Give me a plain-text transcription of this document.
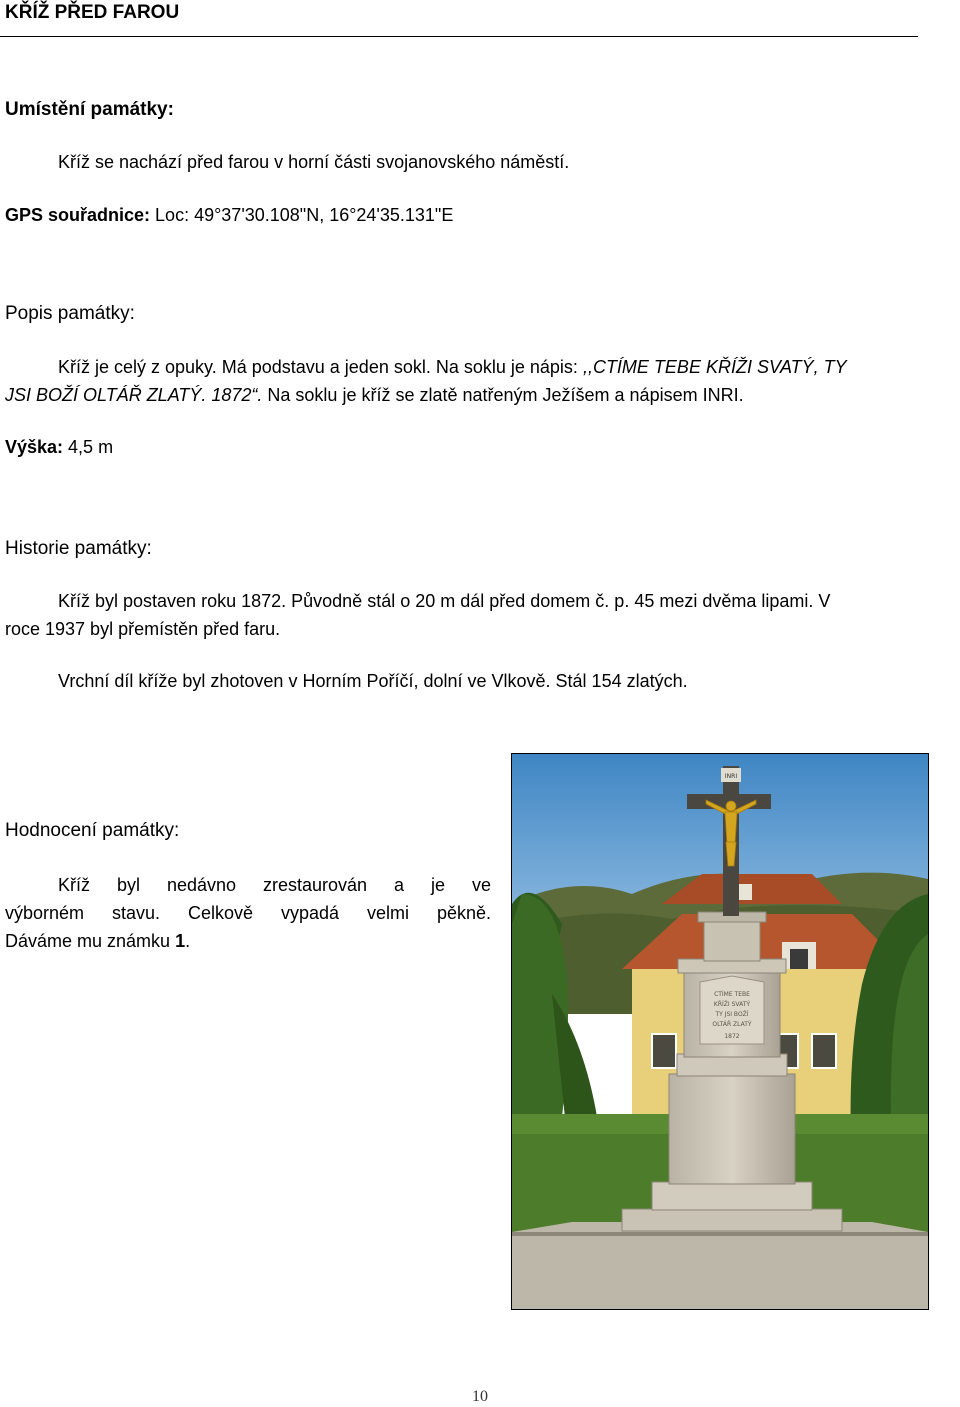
KŘÍŽ PŘED FAROU
Umístění památky:
Kříž se nachází před farou v horní části svojanovského náměstí.
GPS souřadnice: Loc: 49°37'30.108"N, 16°24'35.131"E
Popis památky:
Kříž je celý z opuky. Má podstavu a jeden sokl. Na soklu je nápis: ,,CTÍME TEBE KŘÍŽI SVATÝ, TY
JSI BOŽÍ OLTÁŘ ZLATÝ. 1872“. Na soklu je kříž se zlatě natřeným Ježíšem a nápisem INRI.
Výška: 4,5 m
Historie památky:
Kříž byl postaven roku 1872. Původně stál o 20 m dál před domem č. p. 45 mezi dvěma lipami. V
roce 1937 byl přemístěn před faru.
Vrchní díl kříže byl zhotoven v Horním Poříčí, dolní ve Vlkově. Stál 154 zlatých.
Hodnocení památky:
Kříž byl nedávno zrestaurován a je ve
výborném stavu. Celkově vypadá velmi pěkně.
Dáváme mu známku 1.
CTÍME TEBE
KŘÍŽI SVATÝ
TY JSI BOŽÍ
OLTÁŘ ZLATÝ
1872
INRI
10
